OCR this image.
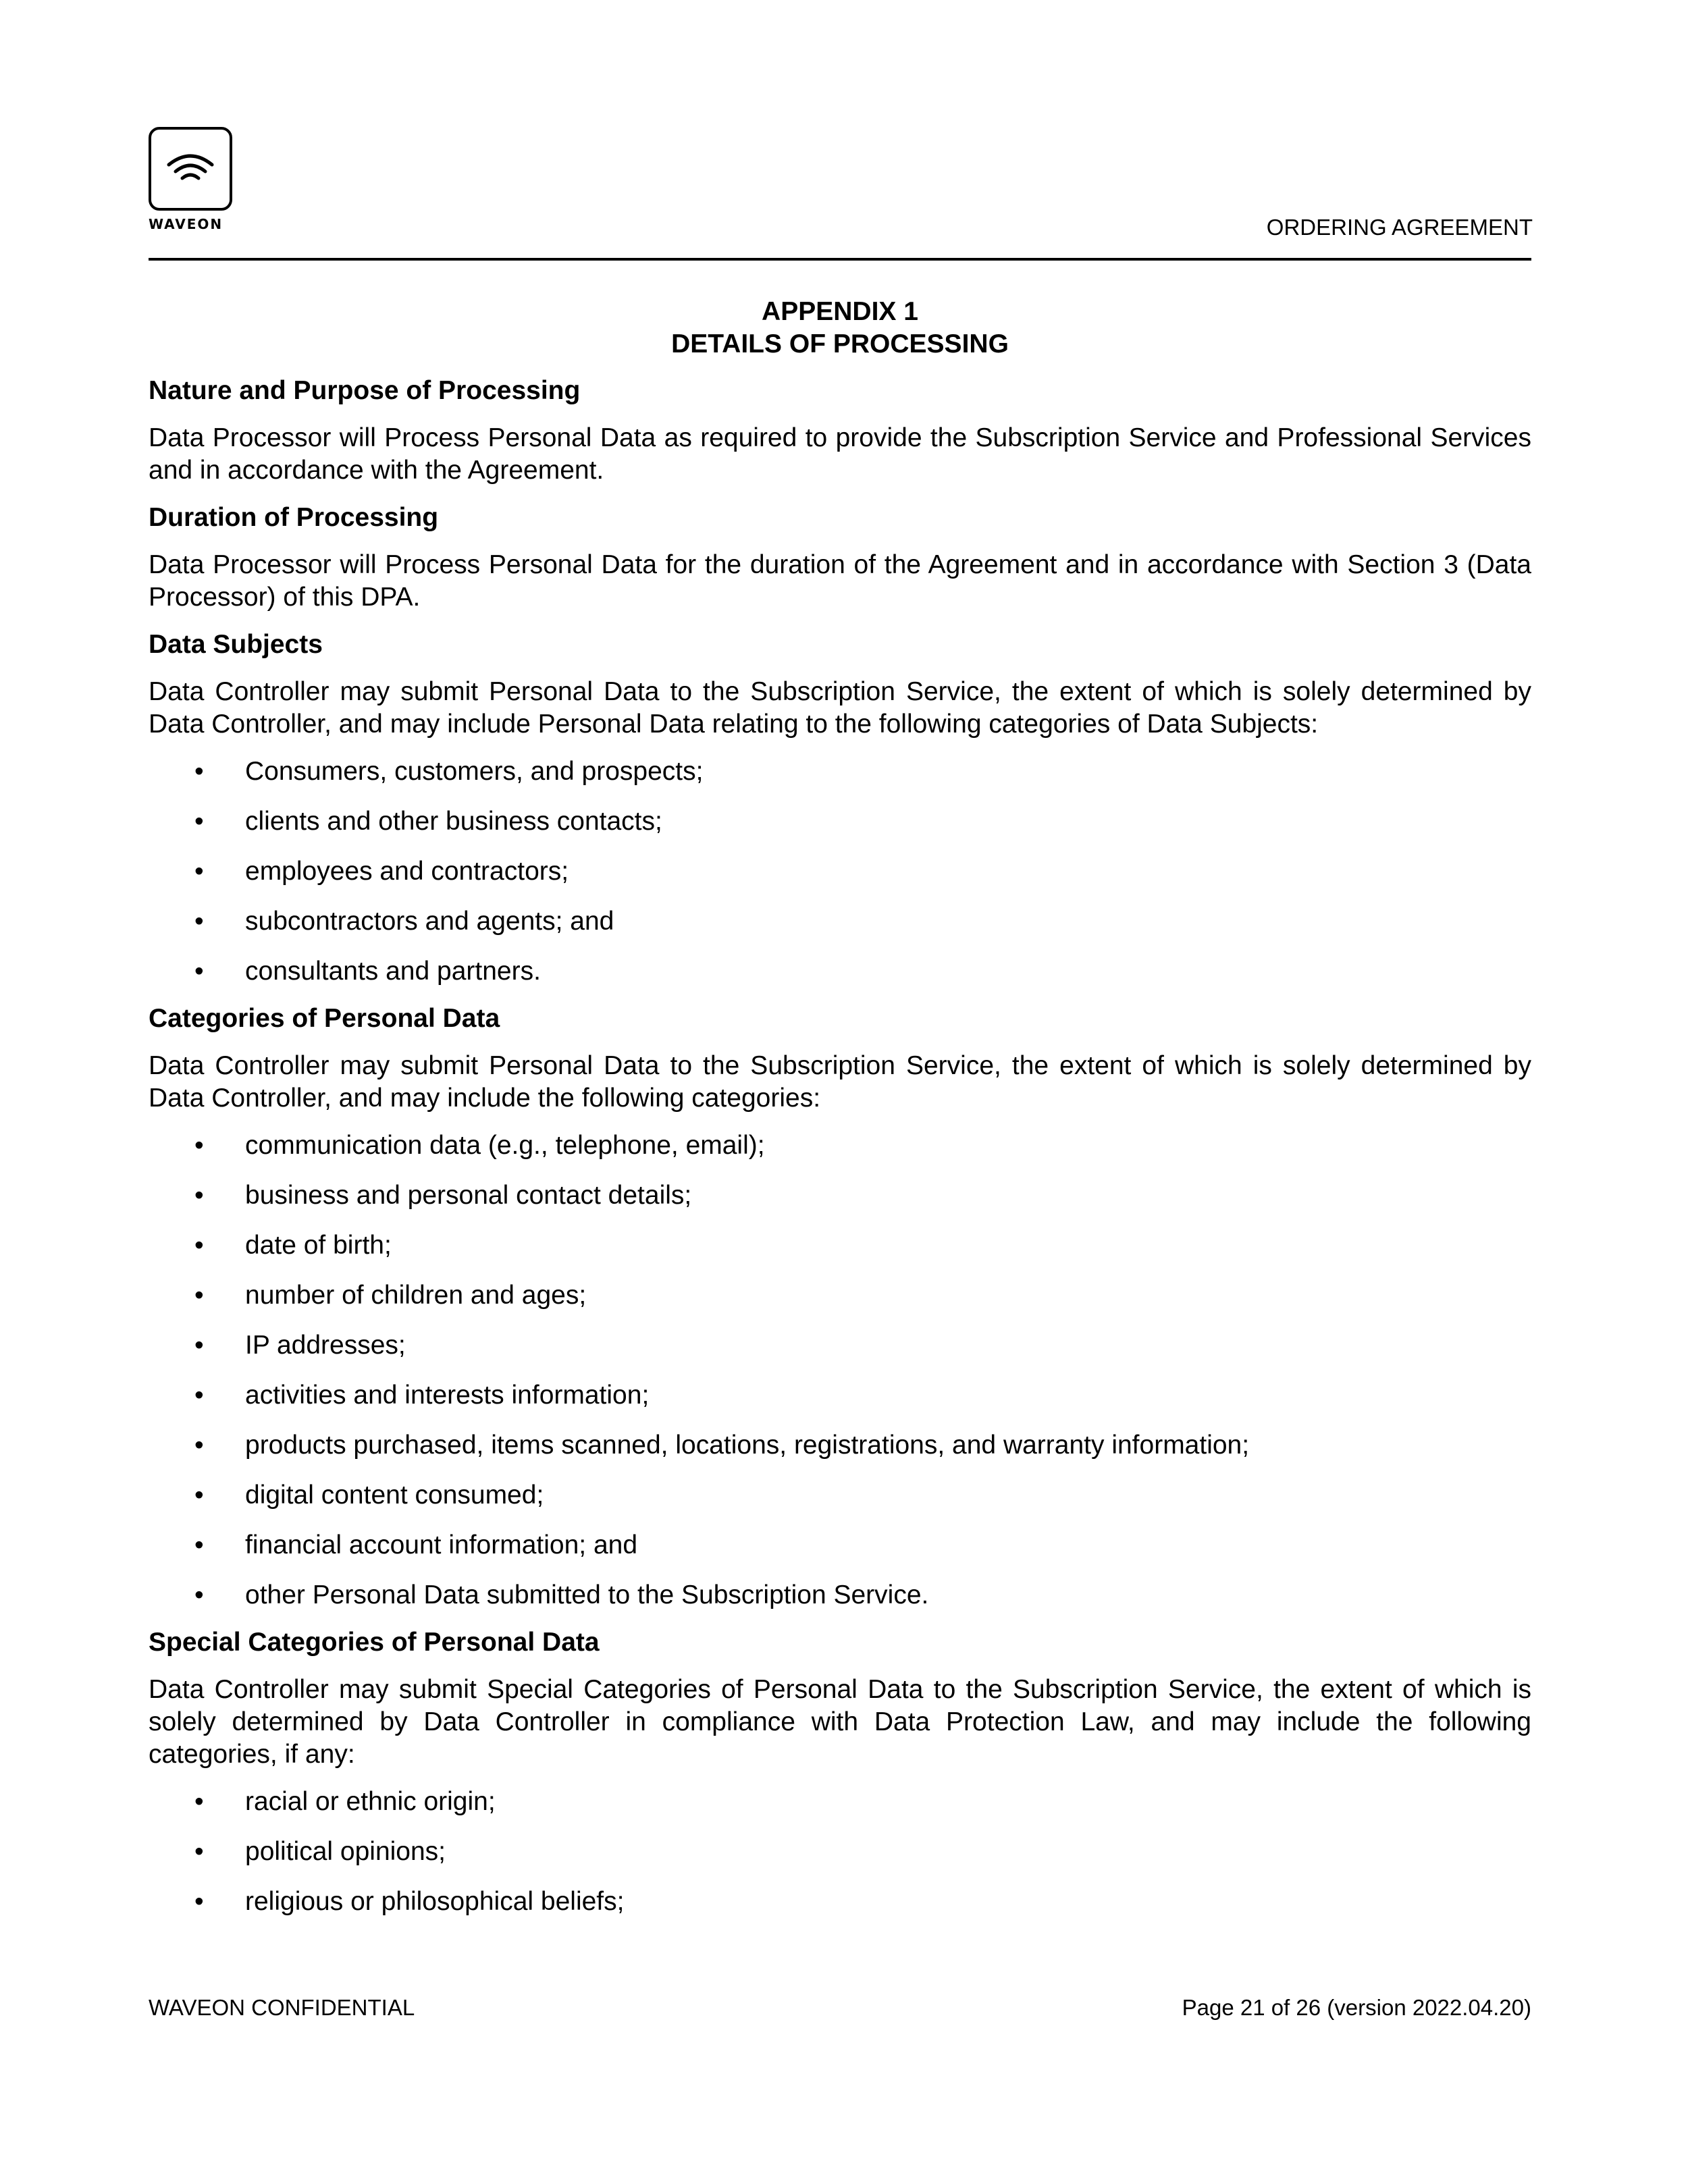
WAVEON	ORDERING AGREEMENT
APPENDIX 1
DETAILS OF PROCESSING

Nature and Purpose of Processing

Data Processor will Process Personal Data as required to provide the Subscription Service and Professional Services and in accordance with the Agreement.

Duration of Processing

Data Processor will Process Personal Data for the duration of the Agreement and in accordance with Section 3 (Data Processor) of this DPA.

Data Subjects

Data Controller may submit Personal Data to the Subscription Service, the extent of which is solely determined by Data Controller, and may include Personal Data relating to the following categories of Data Subjects:

• Consumers, customers, and prospects;
• clients and other business contacts;
• employees and contractors;
• subcontractors and agents; and
• consultants and partners.

Categories of Personal Data

Data Controller may submit Personal Data to the Subscription Service, the extent of which is solely determined by Data Controller, and may include the following categories:

• communication data (e.g., telephone, email);
• business and personal contact details;
• date of birth;
• number of children and ages;
• IP addresses;
• activities and interests information;
• products purchased, items scanned, locations, registrations, and warranty information;
• digital content consumed;
• financial account information; and
• other Personal Data submitted to the Subscription Service.

Special Categories of Personal Data

Data Controller may submit Special Categories of Personal Data to the Subscription Service, the extent of which is solely determined by Data Controller in compliance with Data Protection Law, and may include the following categories, if any:

• racial or ethnic origin;
• political opinions;
• religious or philosophical beliefs;
WAVEON CONFIDENTIAL	Page 21 of 26 (version 2022.04.20)
